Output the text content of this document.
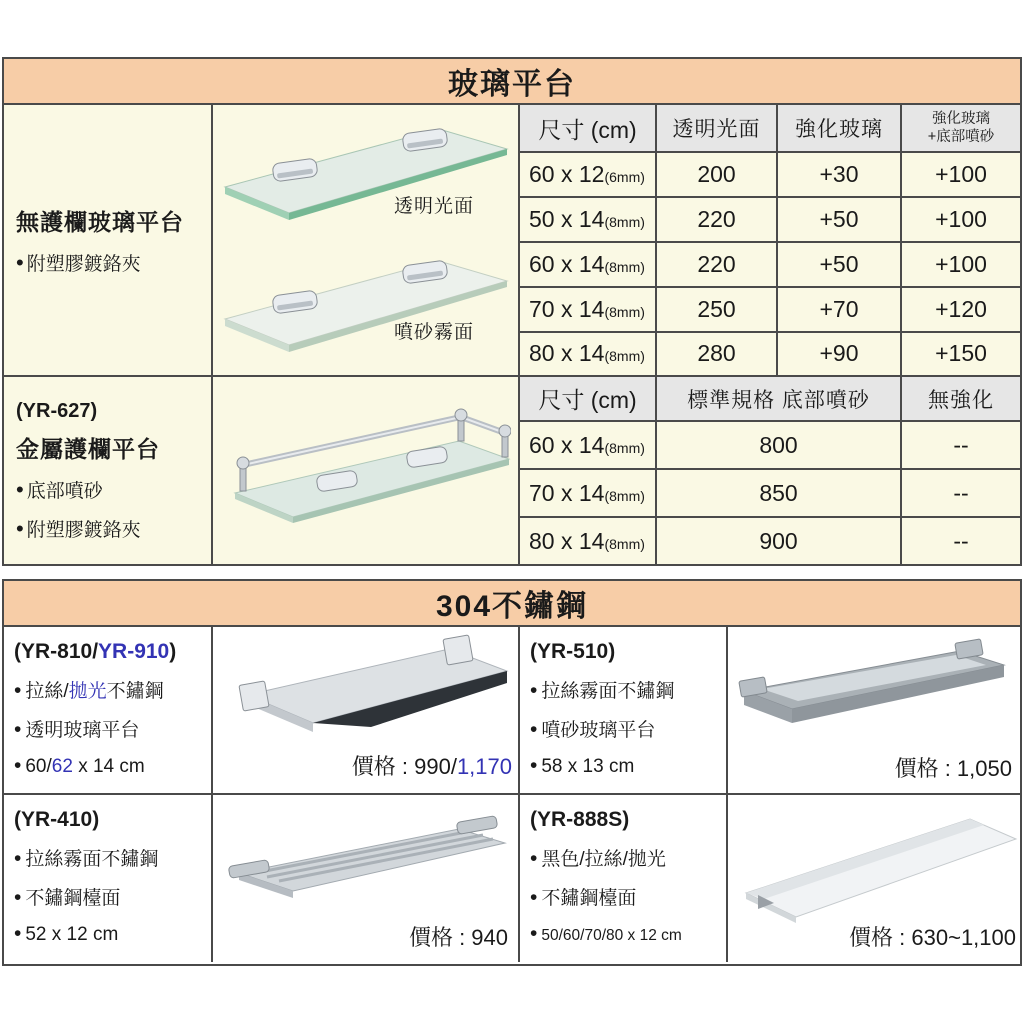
玻璃平台
無護欄玻璃平台
• 附塑膠鍍鉻夾
透明光面
噴砂霧面
尺寸 (cm)	透明光面	強化玻璃	強化玻璃
+底部噴砂

60 x 12(6mm)	200	+30	+100
50 x 14(8mm)	220	+50	+100
60 x 14(8mm)	220	+50	+100
70 x 14(8mm)	250	+70	+120
80 x 14(8mm)	280	+90	+150
(YR-627)
金屬護欄平台
• 底部噴砂
• 附塑膠鍍鉻夾
尺寸 (cm)	標準規格 底部噴砂	無強化
60 x 14(8mm)	800	--
70 x 14(8mm)	850	--
80 x 14(8mm)	900	--
304不鏽鋼
(YR-810/YR-910)
• 拉絲/拋光不鏽鋼
• 透明玻璃平台
• 60/62 x 14 cm	價格 : 990/1,170
(YR-510)
• 拉絲霧面不鏽鋼
• 噴砂玻璃平台
• 58 x 13 cm	價格 : 1,050
(YR-410)
• 拉絲霧面不鏽鋼
• 不鏽鋼檯面
• 52 x 12 cm	價格 : 940
(YR-888S)
• 黑色/拉絲/拋光
• 不鏽鋼檯面
• 50/60/70/80 x 12 cm	價格 : 630~1,100
